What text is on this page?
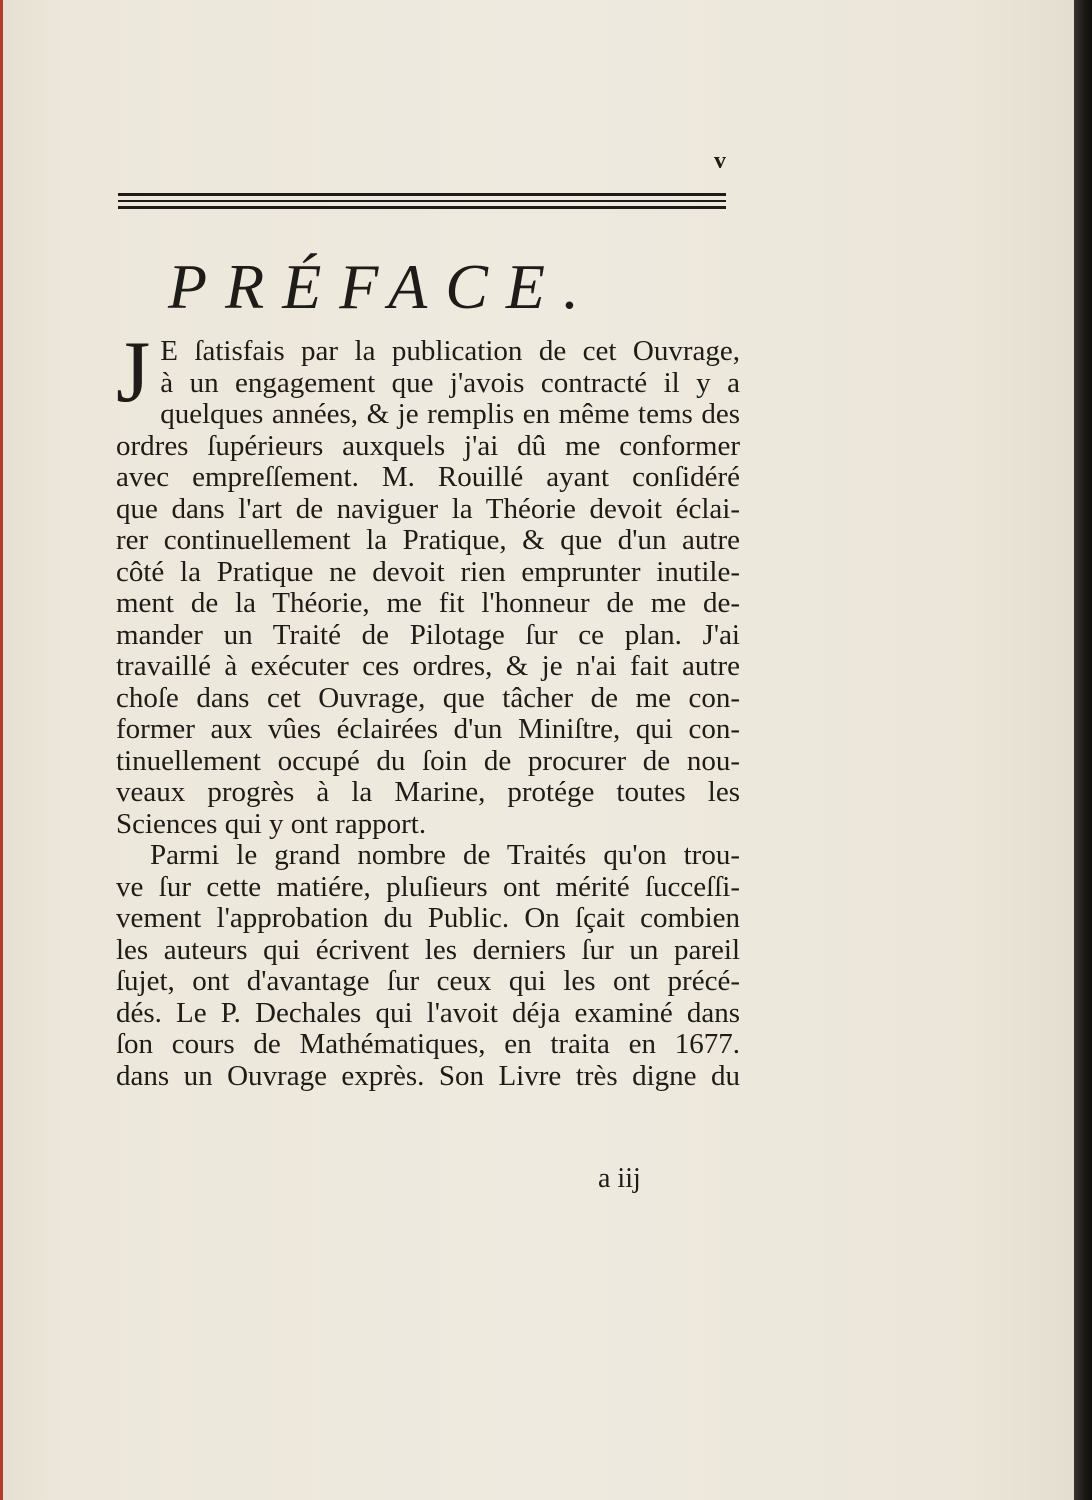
v
PRÉFACE.
J E ſatisfais par la publication de cet Ouvrage,
à un engagement que j'avois contracté il y a
quelques années, & je remplis en même tems des
ordres ſupérieurs auxquels j'ai dû me conformer
avec empreſſement. M. Rouillé ayant conſidéré
que dans l'art de naviguer la Théorie devoit éclai-
rer continuellement la Pratique, & que d'un autre
côté la Pratique ne devoit rien emprunter inutile-
ment de la Théorie, me fit l'honneur de me de-
mander un Traité de Pilotage ſur ce plan. J'ai
travaillé à exécuter ces ordres, & je n'ai fait autre
choſe dans cet Ouvrage, que tâcher de me con-
former aux vûes éclairées d'un Miniſtre, qui con-
tinuellement occupé du ſoin de procurer de nou-
veaux progrès à la Marine, protége toutes les
Sciences qui y ont rapport.
Parmi le grand nombre de Traités qu'on trou-
ve ſur cette matiére, pluſieurs ont mérité ſucceſſi-
vement l'approbation du Public. On ſçait combien
les auteurs qui écrivent les derniers ſur un pareil
ſujet, ont d'avantage ſur ceux qui les ont précé-
dés. Le P. Dechales qui l'avoit déja examiné dans
ſon cours de Mathématiques, en traita en 1677.
dans un Ouvrage exprès. Son Livre très digne du
a iij
